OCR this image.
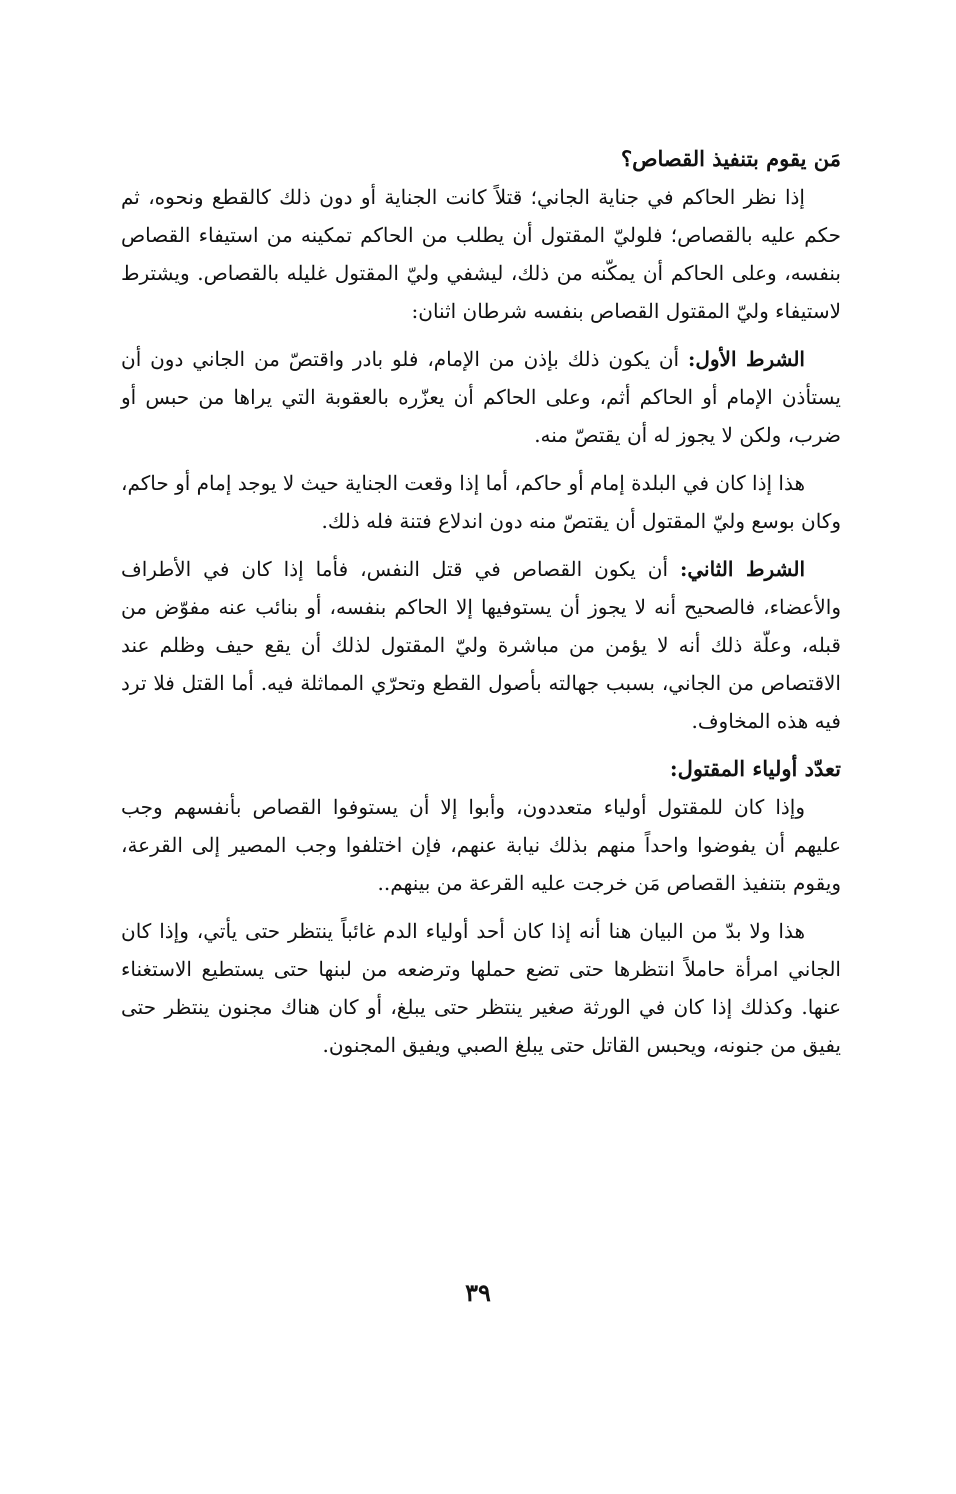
مَن يقوم بتنفيذ القصاص؟

إذا نظر الحاكم في جناية الجاني؛ قتلاً كانت الجناية أو دون ذلك كالقطع ونحوه، ثم حكم عليه بالقصاص؛ فلوليّ المقتول أن يطلب من الحاكم تمكينه من استيفاء القصاص بنفسه، وعلى الحاكم أن يمكّنه من ذلك، ليشفي وليّ المقتول غليله بالقصاص. ويشترط لاستيفاء وليّ المقتول القصاص بنفسه شرطان اثنان:

الشرط الأول: أن يكون ذلك بإذن من الإمام، فلو بادر واقتصّ من الجاني دون أن يستأذن الإمام أو الحاكم أثم، وعلى الحاكم أن يعزّره بالعقوبة التي يراها من حبس أو ضرب، ولكن لا يجوز له أن يقتصّ منه.

هذا إذا كان في البلدة إمام أو حاكم، أما إذا وقعت الجناية حيث لا يوجد إمام أو حاكم، وكان بوسع وليّ المقتول أن يقتصّ منه دون اندلاع فتنة فله ذلك.

الشرط الثاني: أن يكون القصاص في قتل النفس، فأما إذا كان في الأطراف والأعضاء، فالصحيح أنه لا يجوز أن يستوفيها إلا الحاكم بنفسه، أو بنائب عنه مفوّض من قبله، وعلّة ذلك أنه لا يؤمن من مباشرة وليّ المقتول لذلك أن يقع حيف وظلم عند الاقتصاص من الجاني، بسبب جهالته بأصول القطع وتحرّي المماثلة فيه. أما القتل فلا ترد فيه هذه المخاوف.

تعدّد أولياء المقتول:

وإذا كان للمقتول أولياء متعددون، وأبوا إلا أن يستوفوا القصاص بأنفسهم وجب عليهم أن يفوضوا واحداً منهم بذلك نيابة عنهم، فإن اختلفوا وجب المصير إلى القرعة، ويقوم بتنفيذ القصاص مَن خرجت عليه القرعة من بينهم..

هذا ولا بدّ من البيان هنا أنه إذا كان أحد أولياء الدم غائباً ينتظر حتى يأتي، وإذا كان الجاني امرأة حاملاً انتظرها حتى تضع حملها وترضعه من لبنها حتى يستطيع الاستغناء عنها. وكذلك إذا كان في الورثة صغير ينتظر حتى يبلغ، أو كان هناك مجنون ينتظر حتى يفيق من جنونه، ويحبس القاتل حتى يبلغ الصبي ويفيق المجنون.

٣٩
